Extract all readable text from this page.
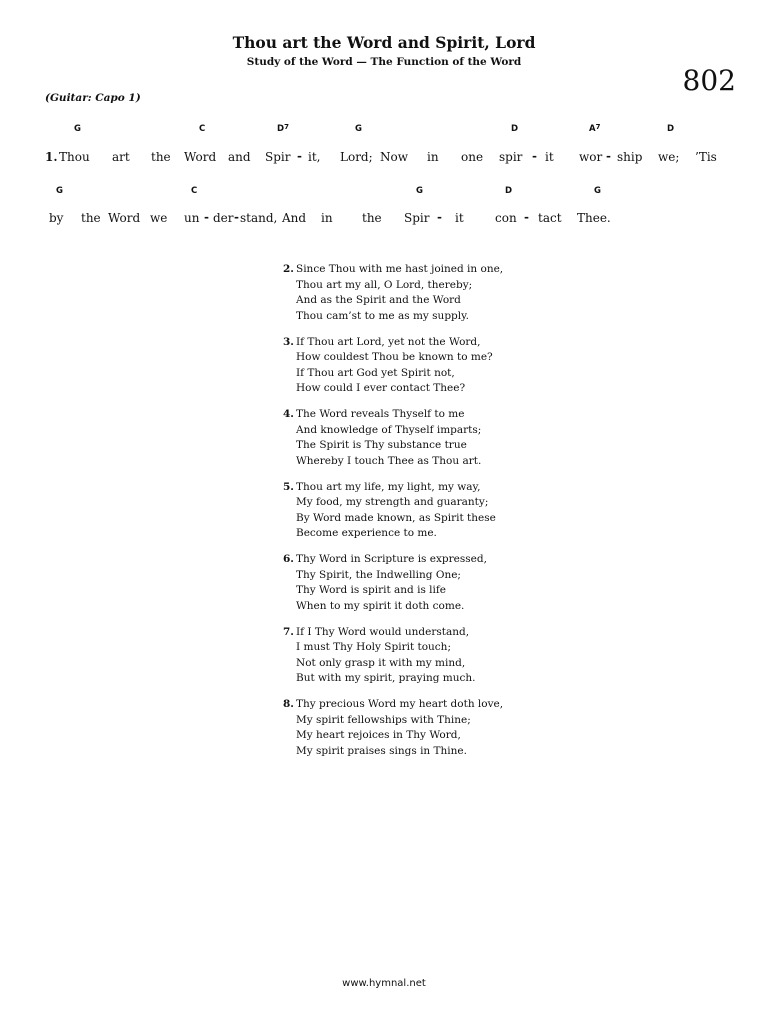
Thou art the Word and Spirit, Lord
Study of the Word — The Function of the Word
802
(Guitar: Capo 1)
G	C	$D^7$	G	D	$A^7$	D
1. Thou art the Word and Spir - it, Lord; Now in one spir - it wor - ship we; ’Tis
G	C	G	D	G
by the Word we un - der - stand, And in the Spir - it	con - tact Thee.
2. Since Thou with me hast joined in one,
Thou art my all, O Lord, thereby;
And as the Spirit and the Word
Thou cam’st to me as my supply.
3. If Thou art Lord, yet not the Word,
How couldest Thou be known to me?
If Thou art God yet Spirit not,
How could I ever contact Thee?
4. The Word reveals Thyself to me
And knowledge of Thyself imparts;
The Spirit is Thy substance true
Whereby I touch Thee as Thou art.
5. Thou art my life, my light, my way,
My food, my strength and guaranty;
By Word made known, as Spirit these
Become experience to me.
6. Thy Word in Scripture is expressed,
Thy Spirit, the Indwelling One;
Thy Word is spirit and is life
When to my spirit it doth come.
7. If I Thy Word would understand,
I must Thy Holy Spirit touch;
Not only grasp it with my mind,
But with my spirit, praying much.
8. Thy precious Word my heart doth love,
My spirit fellowships with Thine;
My heart rejoices in Thy Word,
My spirit praises sings in Thine.
www.hymnal.net
